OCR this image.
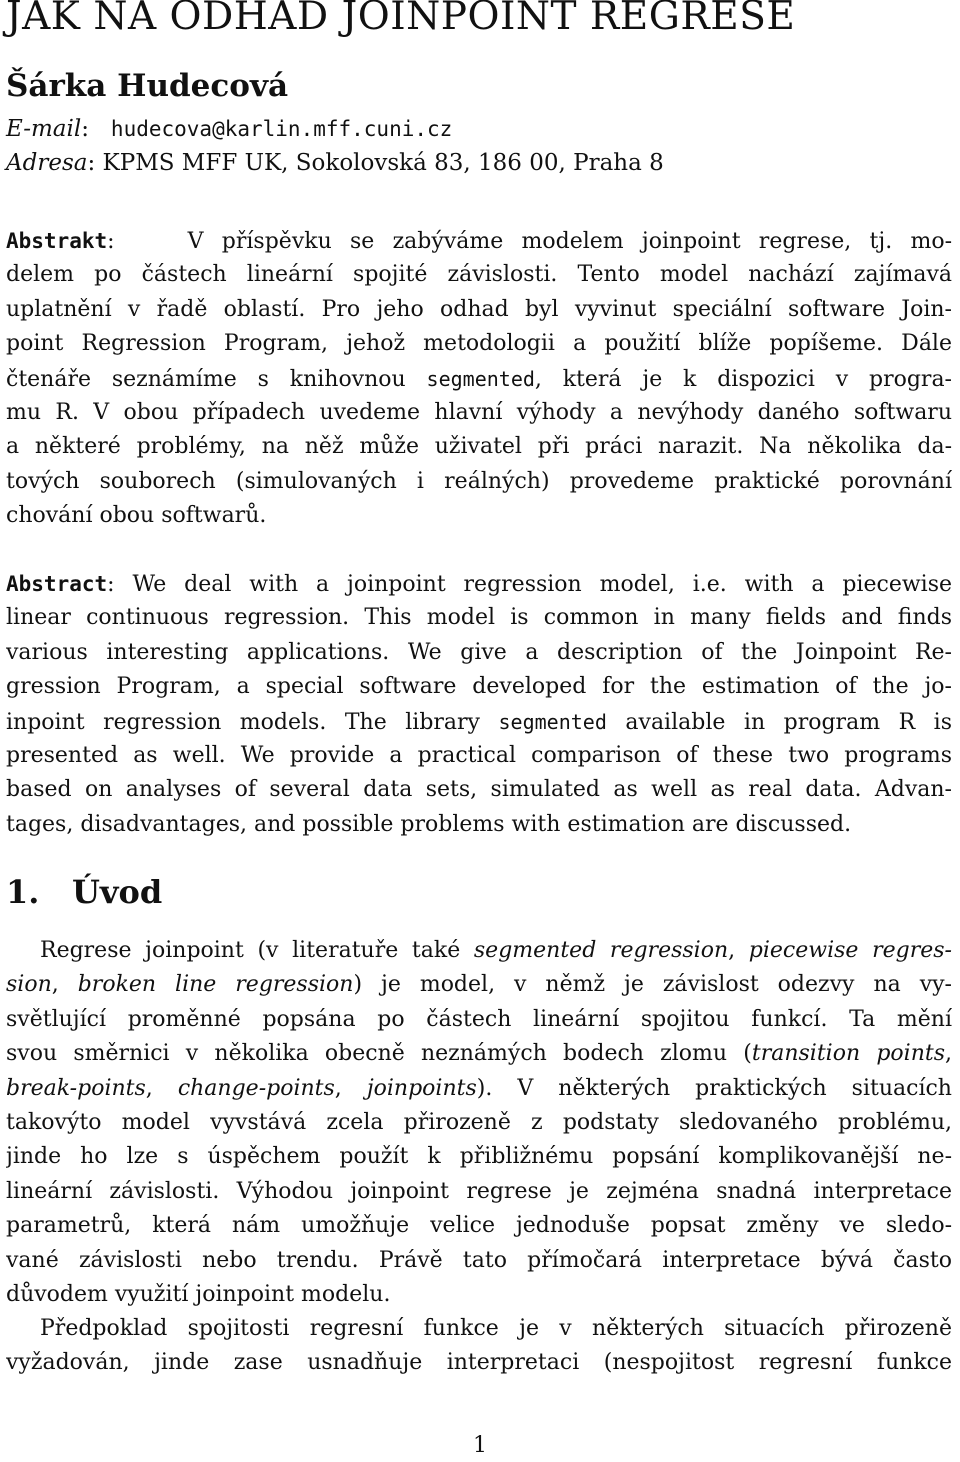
JAK NA ODHAD JOINPOINT REGRESE
Šárka Hudecová
E-mail:   hudecova@karlin.mff.cuni.cz
Adresa: KPMS MFF UK, Sokolovská 83, 186 00, Praha 8
Abstrakt:    V příspěvku se zabýváme modelem joinpoint regrese, tj. mo-
delem po částech lineární spojité závislosti. Tento model nachází zajímavá
uplatnění v řadě oblastí. Pro jeho odhad byl vyvinut speciální software Join-
point Regression Program, jehož metodologii a použití blíže popíšeme. Dále
čtenáře seznámíme s knihovnou segmented, která je k dispozici v progra-
mu R. V obou případech uvedeme hlavní výhody a nevýhody daného softwaru
a některé problémy, na něž může uživatel při práci narazit. Na několika da-
tových souborech (simulovaných i reálných) provedeme praktické porovnání
chování obou softwarů.
Abstract: We deal with a joinpoint regression model, i.e. with a piecewise
linear continuous regression. This model is common in many fields and finds
various interesting applications. We give a description of the Joinpoint Re-
gression Program, a special software developed for the estimation of the jo-
inpoint regression models. The library segmented available in program R is
presented as well. We provide a practical comparison of these two programs
based on analyses of several data sets, simulated as well as real data. Advan-
tages, disadvantages, and possible problems with estimation are discussed.
1. Úvod
Regrese joinpoint (v literatuře také segmented regression, piecewise regres-
sion, broken line regression) je model, v němž je závislost odezvy na vy-
světlující proměnné popsána po částech lineární spojitou funkcí. Ta mění
svou směrnici v několika obecně neznámých bodech zlomu (transition points,
break-points, change-points, joinpoints). V některých praktických situacích
takovýto model vyvstává zcela přirozeně z podstaty sledovaného problému,
jinde ho lze s úspěchem použít k přibližnému popsání komplikovanější ne-
lineární závislosti. Výhodou joinpoint regrese je zejména snadná interpretace
parametrů, která nám umožňuje velice jednoduše popsat změny ve sledo-
vané závislosti nebo trendu. Právě tato přímočará interpretace bývá často
důvodem využití joinpoint modelu.
Předpoklad spojitosti regresní funkce je v některých situacích přirozeně
vyžadován, jinde zase usnadňuje interpretaci (nespojitost regresní funkce
1
